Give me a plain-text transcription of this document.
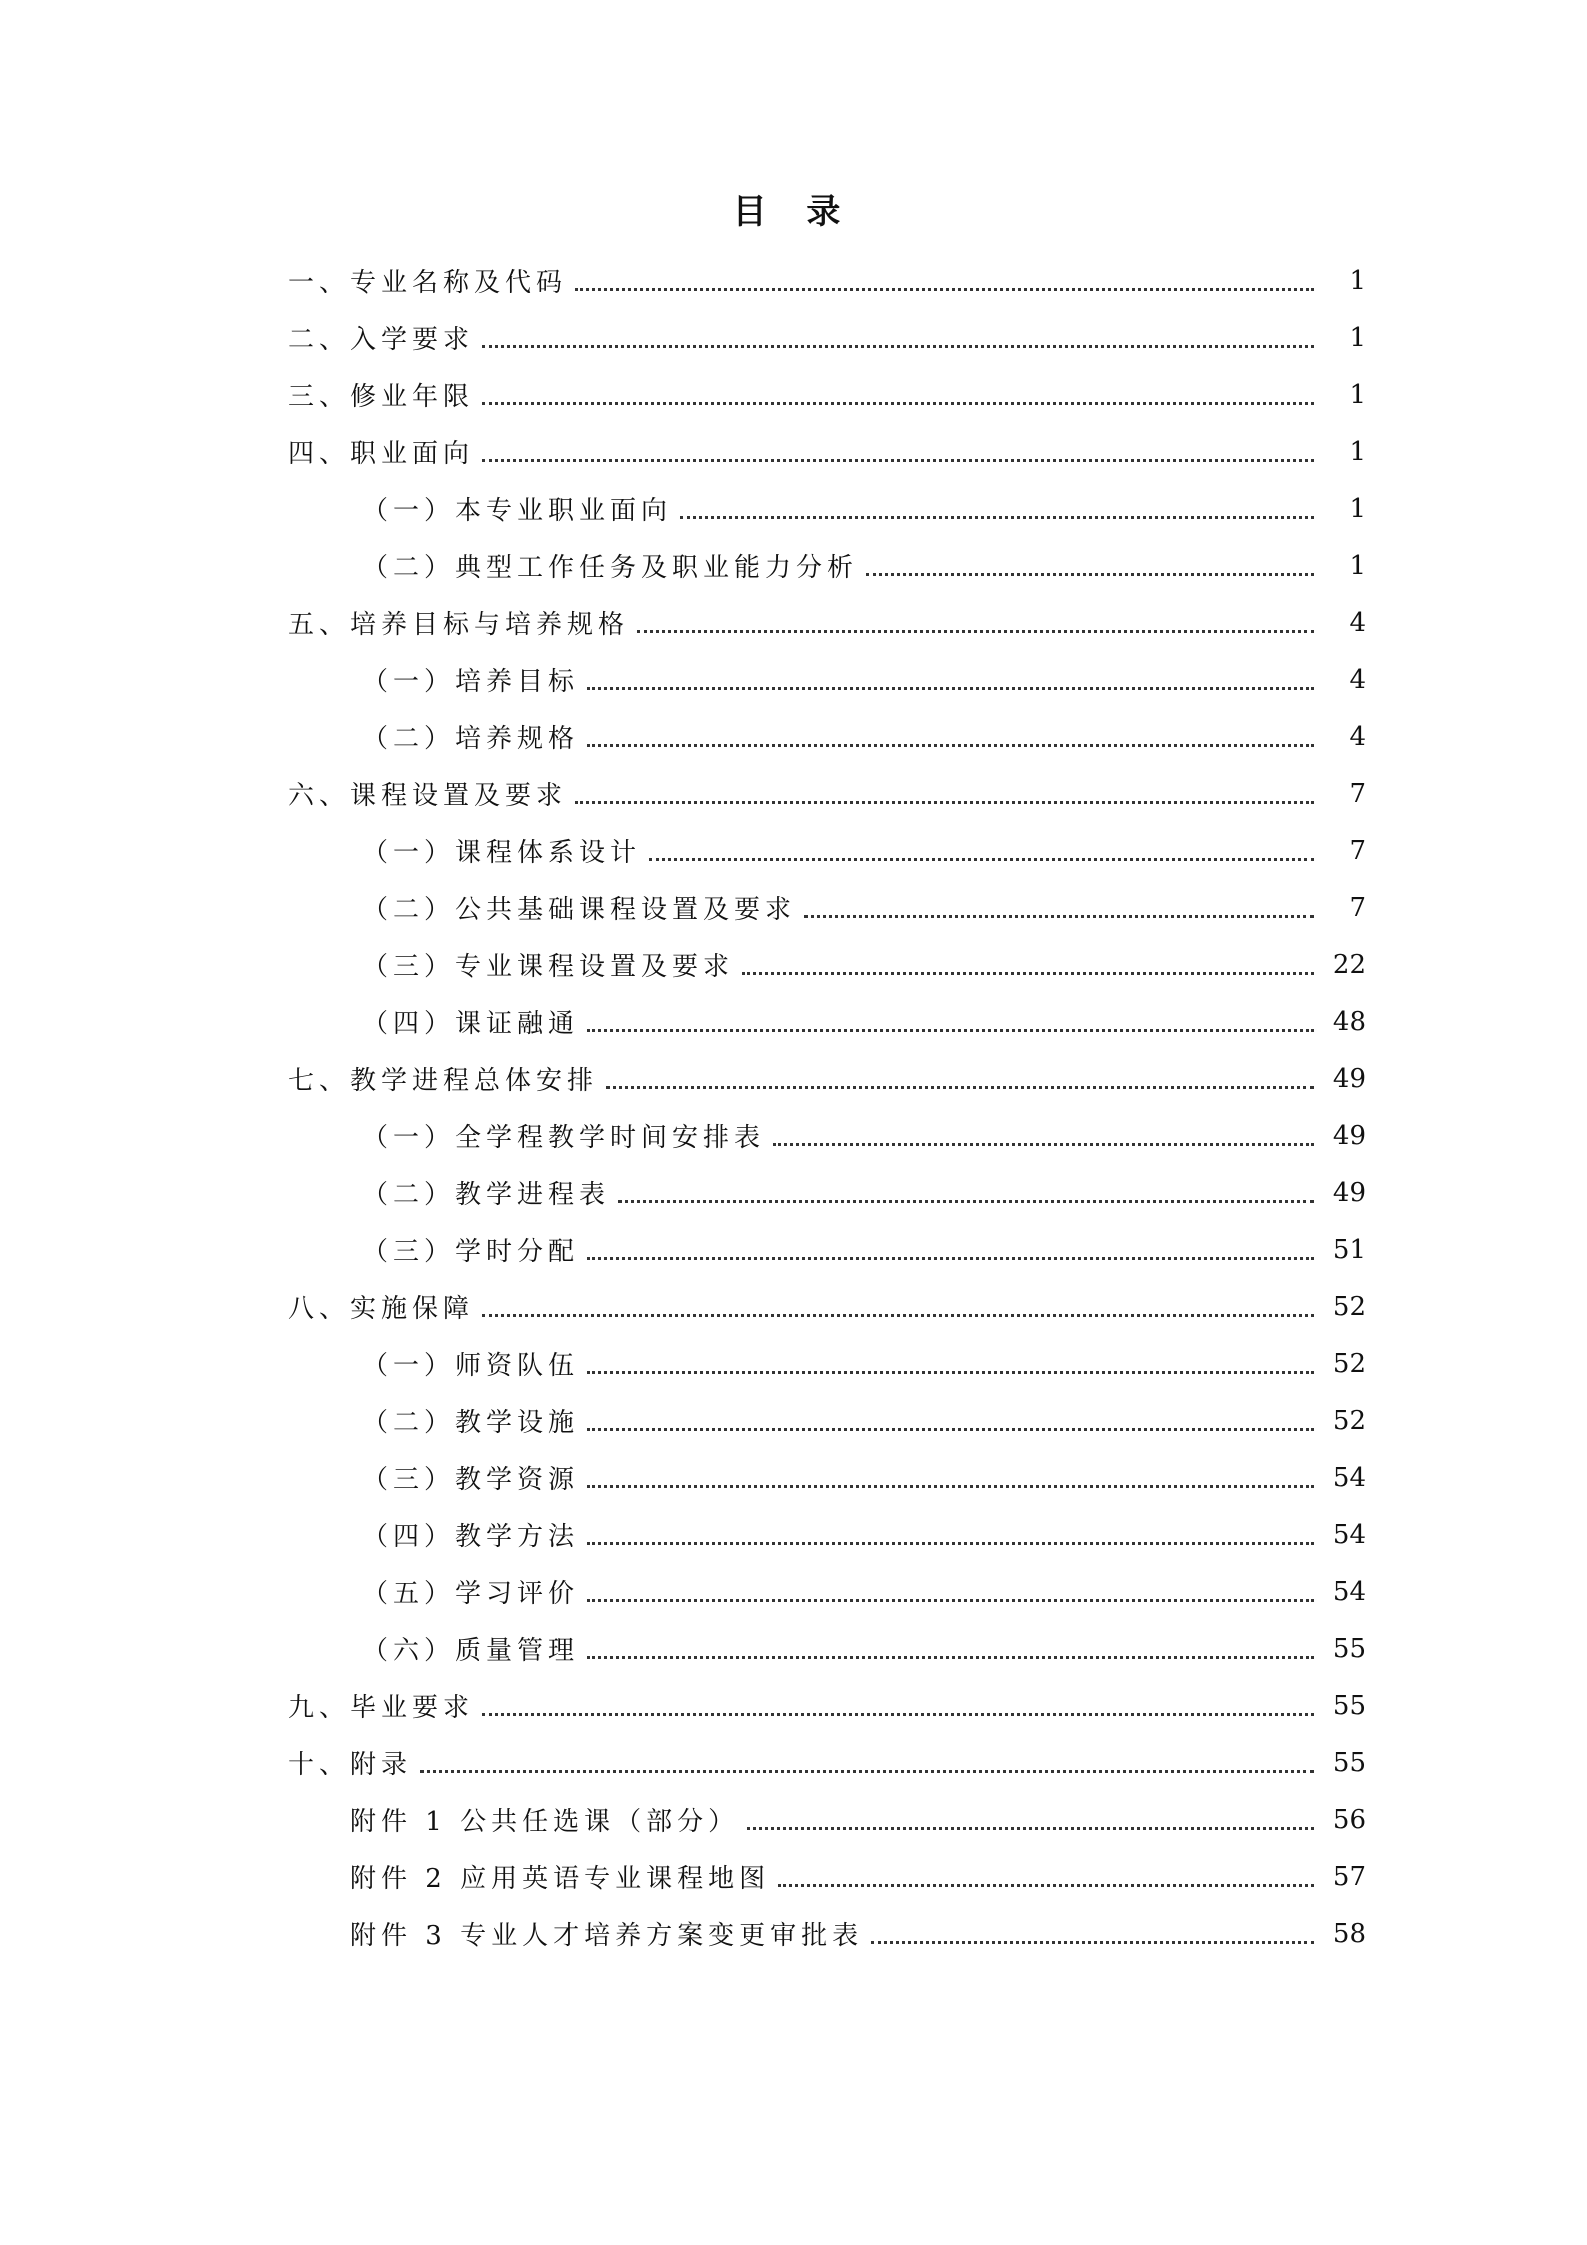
目 录
一、专业名称及代码	1
二、入学要求	1
三、修业年限	1
四、职业面向	1
（一）本专业职业面向	1
（二）典型工作任务及职业能力分析	1
五、培养目标与培养规格	4
（一）培养目标	4
（二）培养规格	4
六、课程设置及要求	7
（一）课程体系设计	7
（二）公共基础课程设置及要求	7
（三）专业课程设置及要求	22
（四）课证融通	48
七、教学进程总体安排	49
（一）全学程教学时间安排表	49
（二）教学进程表	49
（三）学时分配	51
八、实施保障	52
（一）师资队伍	52
（二）教学设施	52
（三）教学资源	54
（四）教学方法	54
（五）学习评价	54
（六）质量管理	55
九、毕业要求	55
十、附录	55
附件 1 公共任选课（部分）	56
附件 2 应用英语专业课程地图	57
附件 3 专业人才培养方案变更审批表	58
